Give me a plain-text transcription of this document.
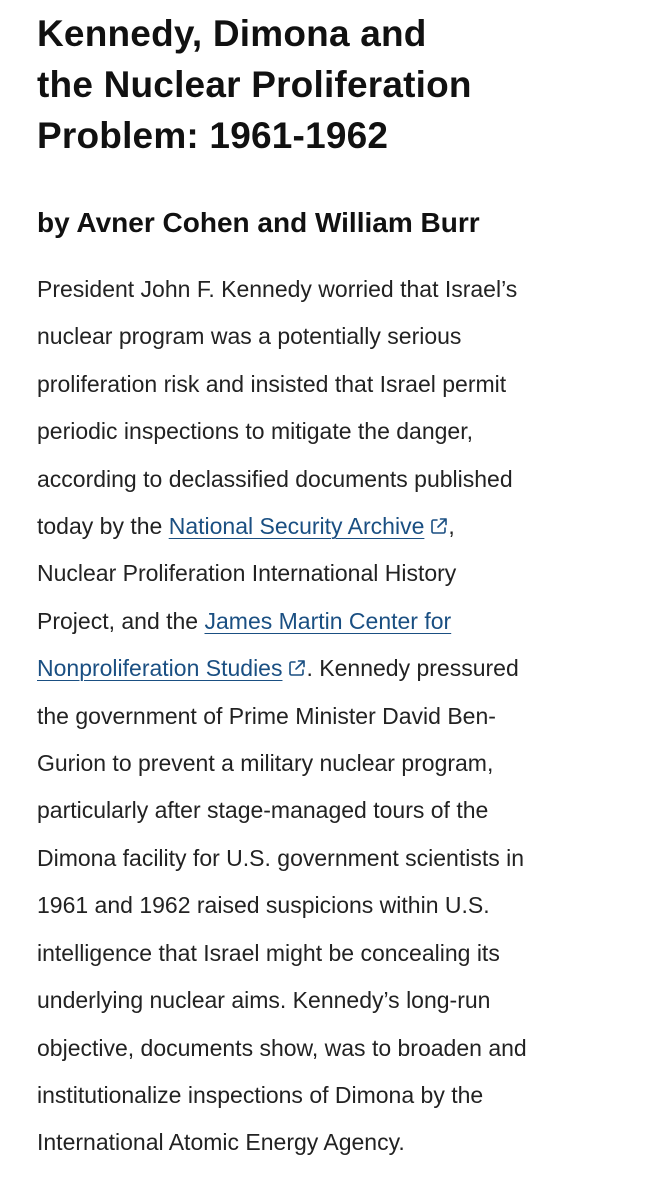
Kennedy, Dimona and
the Nuclear Proliferation
Problem: 1961-1962
by Avner Cohen and William Burr

President John F. Kennedy worried that Israel’s
nuclear program was a potentially serious
proliferation risk and insisted that Israel permit
periodic inspections to mitigate the danger,
according to declassified documents published
today by the National Security Archive ,
Nuclear Proliferation International History
Project, and the James Martin Center for
Nonproliferation Studies . Kennedy pressured
the government of Prime Minister David Ben-
Gurion to prevent a military nuclear program,
particularly after stage-managed tours of the
Dimona facility for U.S. government scientists in
1961 and 1962 raised suspicions within U.S.
intelligence that Israel might be concealing its
underlying nuclear aims. Kennedy’s long-run
objective, documents show, was to broaden and
institutionalize inspections of Dimona by the
International Atomic Energy Agency.
